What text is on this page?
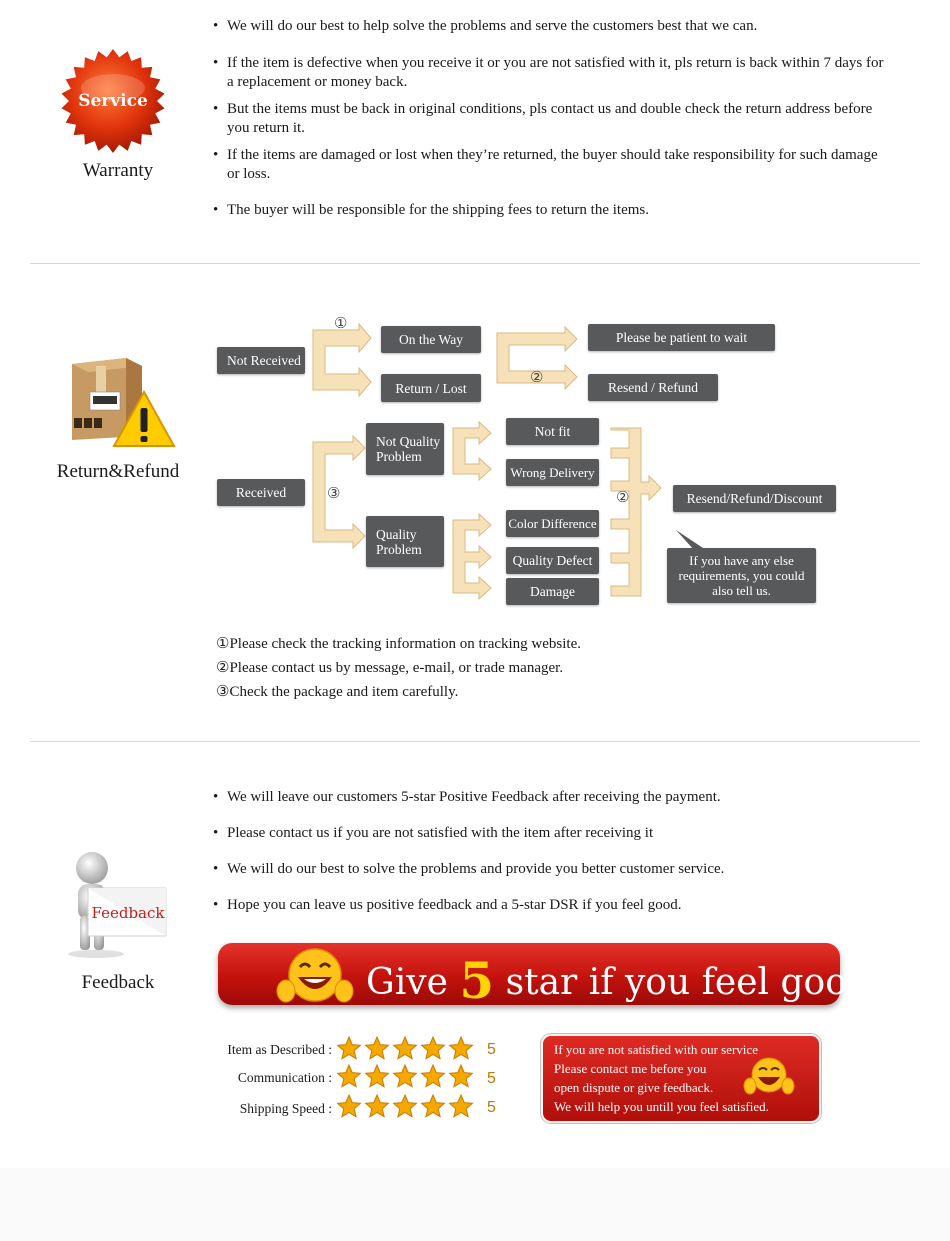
Service
Warranty
• We will do our best to help solve the problems and serve the customers best that we can.
• If the item is defective when you receive it or you are not satisfied with it, pls return is back within 7 days for a replacement or money back.
• But the items must be back in original conditions, pls contact us and double check the return address before you return it.
• If the items are damaged or lost when they’re returned, the buyer should take responsibility for such damage or loss.
• The buyer will be responsible for the shipping fees to return the items.
Return&Refund
Not Received
On the Way
Return / Lost
Please be patient to wait
Resend / Refund
①
②
③	②
Received
Not Quality Problem
Quality Problem
Not fit
Wrong Delivery
Color Difference
Quality Defect
Damage
Resend/Refund/Discount
If you have any else requirements, you could also tell us.
①Please check the tracking information on tracking website.
②Please contact us by message, e-mail, or trade manager.
③Check the package and item carefully.
Feedback
Feedback
• We will leave our customers 5-star Positive Feedback after receiving the payment.
• Please contact us if you are not satisfied with the item after receiving it
• We will do our best to solve the problems and provide you better customer service.
• Hope you can leave us positive feedback and a 5-star DSR if you feel good.
Give 5 star if you feel good!
Item as Described :	5
Communication :	5
Shipping Speed :	5
If you are not satisfied with our service
Please contact me before you
open dispute or give feedback.
We will help you untill you feel satisfied.
